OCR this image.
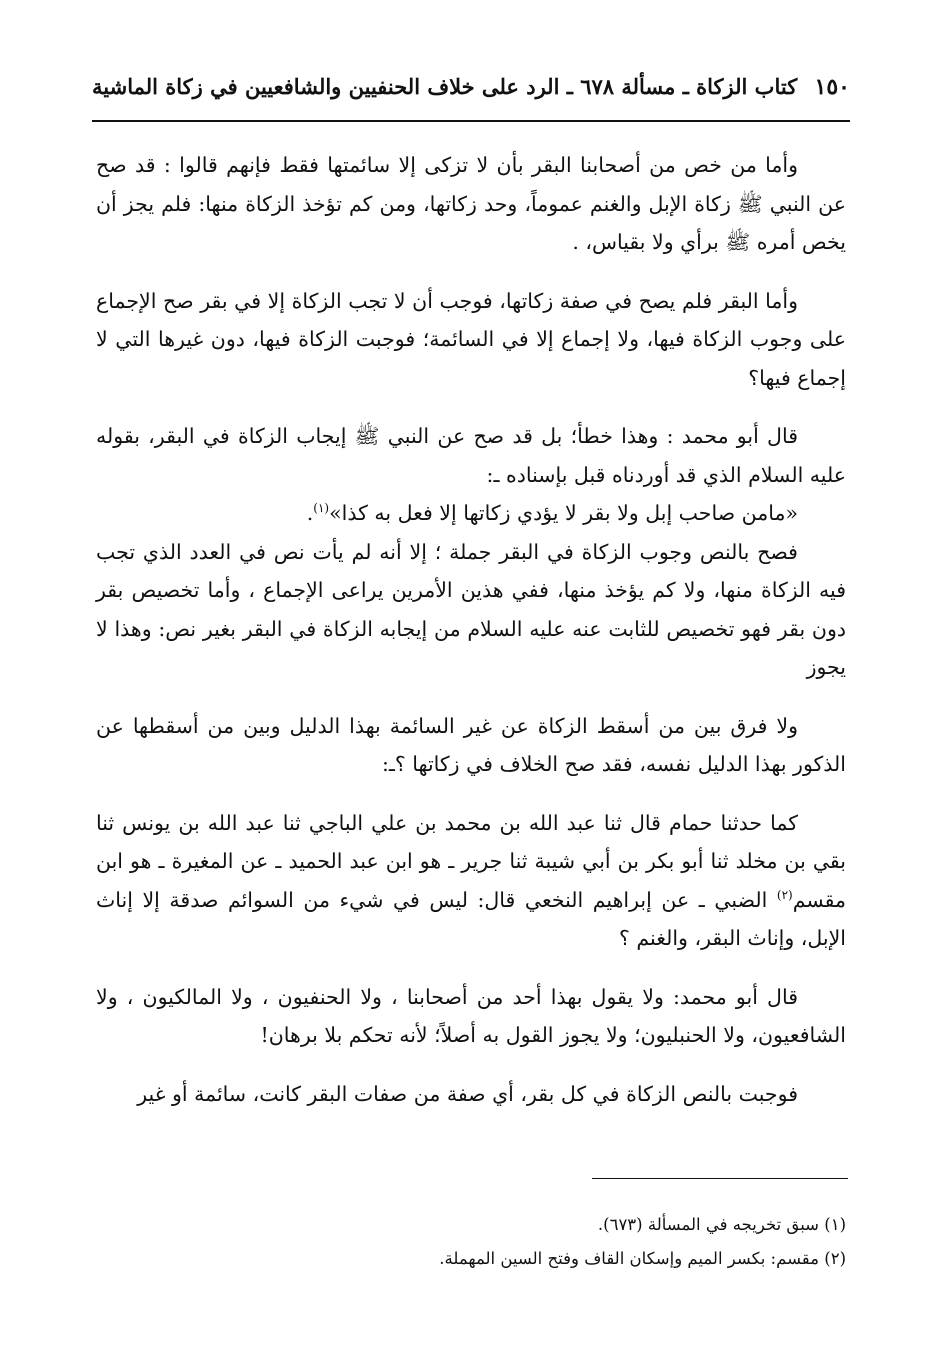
١٥٠
كتاب الزكاة ـ مسألة ٦٧٨ ـ الرد على خلاف الحنفيين والشافعيين في زكاة الماشية

وأما من خص من أصحابنا البقر بأن لا تزكى إلا سائمتها فقط فإنهم قالوا : قد صح عن النبي ﷺ زكاة الإبل والغنم عموماً، وحد زكاتها، ومن كم تؤخذ الزكاة منها: فلم يجز أن يخص أمره ﷺ برأي ولا بقياس، .

وأما البقر فلم يصح في صفة زكاتها، فوجب أن لا تجب الزكاة إلا في بقر صح الإجماع على وجوب الزكاة فيها، ولا إجماع إلا في السائمة؛ فوجبت الزكاة فيها، دون غيرها التي لا إجماع فيها؟

قال أبو محمد : وهذا خطأ؛ بل قد صح عن النبي ﷺ إيجاب الزكاة في البقر، بقوله عليه السلام الذي قد أوردناه قبل بإسناده ـ:

«مامن صاحب إبل ولا بقر لا يؤدي زكاتها إلا فعل به كذا»$^{(١)}$.

فصح بالنص وجوب الزكاة في البقر جملة ؛ إلا أنه لم يأت نص في العدد الذي تجب فيه الزكاة منها، ولا كم يؤخذ منها، ففي هذين الأمرين يراعى الإجماع ، وأما تخصيص بقر دون بقر فهو تخصيص للثابت عنه عليه السلام من إيجابه الزكاة في البقر بغير نص: وهذا لا يجوز

ولا فرق بين من أسقط الزكاة عن غير السائمة بهذا الدليل وبين من أسقطها عن الذكور بهذا الدليل نفسه، فقد صح الخلاف في زكاتها ؟ـ:

كما حدثنا حمام قال ثنا عبد الله بن محمد بن علي الباجي ثنا عبد الله بن يونس ثنا بقي بن مخلد ثنا أبو بكر بن أبي شيبة ثنا جرير ـ هو ابن عبد الحميد ـ عن المغيرة ـ هو ابن مقسم$^{(٢)}$ الضبي ـ عن إبراهيم النخعي قال: ليس في شيء من السوائم صدقة إلا إناث الإبل، وإناث البقر، والغنم ؟

قال أبو محمد: ولا يقول بهذا أحد من أصحابنا ، ولا الحنفيون ، ولا المالكيون ، ولا الشافعيون، ولا الحنبليون؛ ولا يجوز القول به أصلاً؛ لأنه تحكم بلا برهان!

فوجبت بالنص الزكاة في كل بقر، أي صفة من صفات البقر كانت، سائمة أو غير

(١) سبق تخريجه في المسألة (٦٧٣).

(٢) مقسم: بكسر الميم وإسكان القاف وفتح السين المهملة.
